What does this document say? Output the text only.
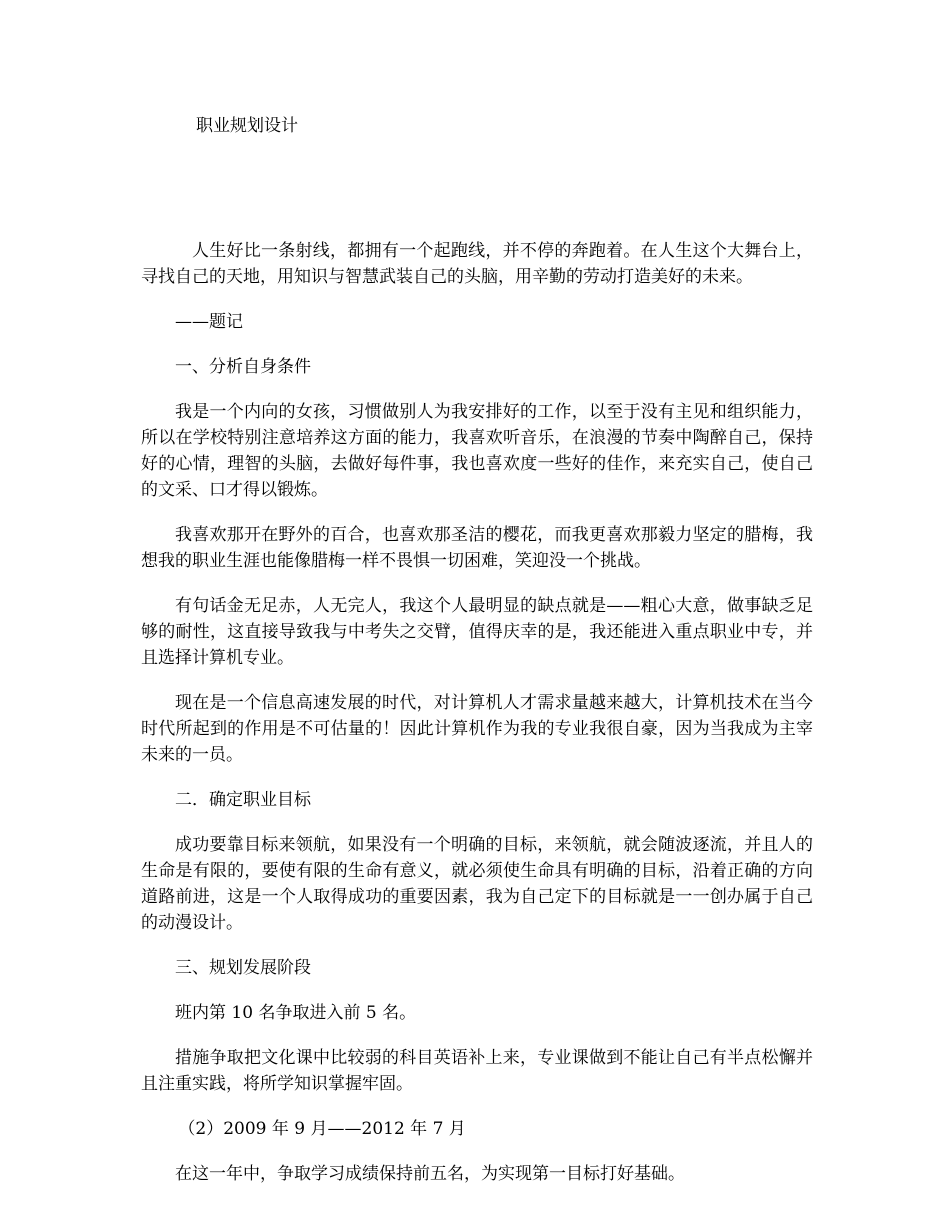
职业规划设计

人生好比一条射线，都拥有一个起跑线，并不停的奔跑着。在人生这个大舞台上，寻找自己的天地，用知识与智慧武装自己的头脑，用辛勤的劳动打造美好的未来。

——题记

一、分析自身条件

我是一个内向的女孩，习惯做别人为我安排好的工作，以至于没有主见和组织能力，所以在学校特别注意培养这方面的能力，我喜欢听音乐，在浪漫的节奏中陶醉自己，保持好的心情，理智的头脑，去做好每件事，我也喜欢度一些好的佳作，来充实自己，使自己的文采、口才得以锻炼。

我喜欢那开在野外的百合，也喜欢那圣洁的樱花，而我更喜欢那毅力坚定的腊梅，我想我的职业生涯也能像腊梅一样不畏惧一切困难，笑迎没一个挑战。

有句话金无足赤，人无完人，我这个人最明显的缺点就是——粗心大意，做事缺乏足够的耐性，这直接导致我与中考失之交臂，值得庆幸的是，我还能进入重点职业中专，并且选择计算机专业。

现在是一个信息高速发展的时代，对计算机人才需求量越来越大，计算机技术在当今时代所起到的作用是不可估量的！因此计算机作为我的专业我很自豪，因为当我成为主宰未来的一员。

二．确定职业目标

成功要靠目标来领航，如果没有一个明确的目标，来领航，就会随波逐流，并且人的生命是有限的，要使有限的生命有意义，就必须使生命具有明确的目标，沿着正确的方向道路前进，这是一个人取得成功的重要因素，我为自己定下的目标就是一一创办属于自己的动漫设计。

三、规划发展阶段

班内第 10 名争取进入前 5 名。

措施争取把文化课中比较弱的科目英语补上来，专业课做到不能让自己有半点松懈并且注重实践，将所学知识掌握牢固。

（2）2009 年 9 月——2012 年 7 月

在这一年中，争取学习成绩保持前五名，为实现第一目标打好基础。
